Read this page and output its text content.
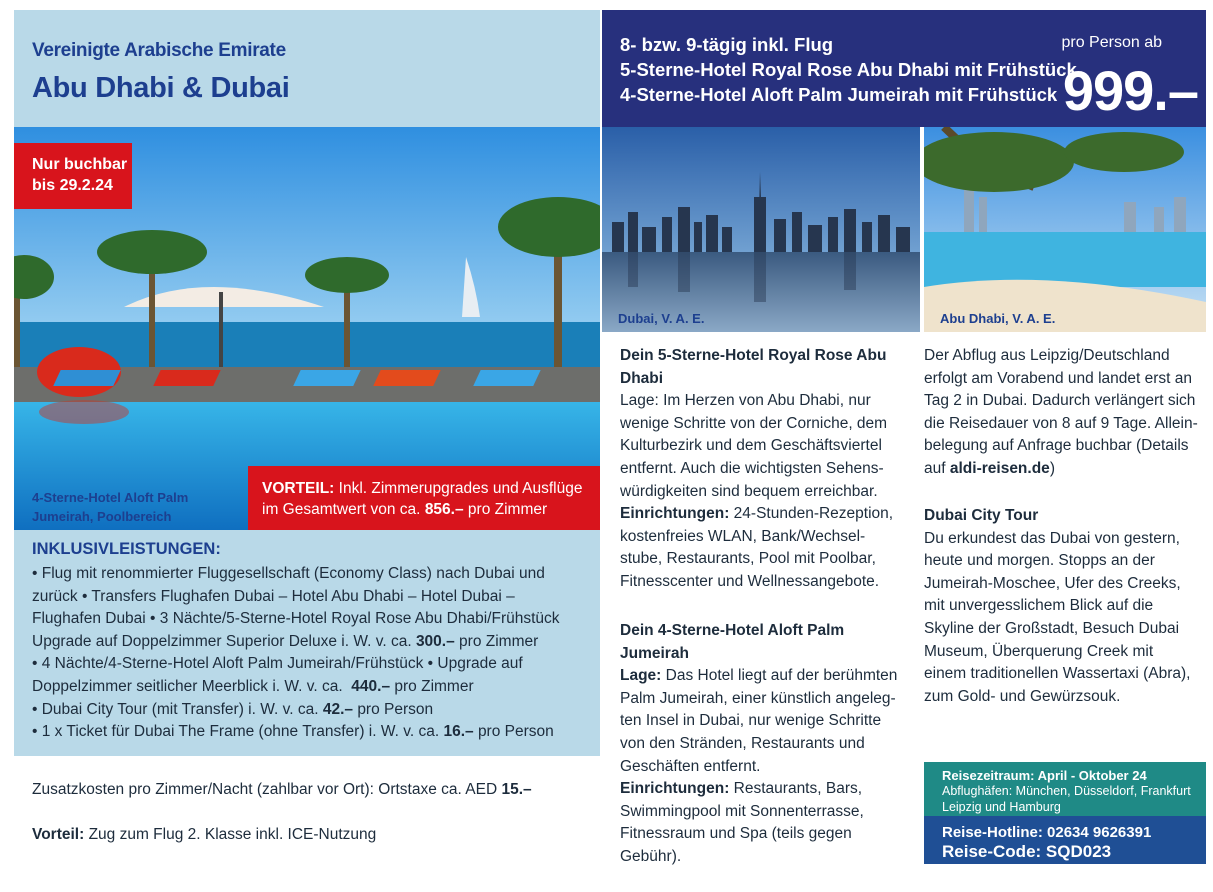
Vereinigte Arabische Emirate
Abu Dhabi & Dubai
8- bzw. 9-tägig inkl. Flug
5-Sterne-Hotel Royal Rose Abu Dhabi mit Frühstück
4-Sterne-Hotel Aloft Palm Jumeirah mit Frühstück
pro Person ab
999.–
Nur buchbar
bis 29.2.24
4-Sterne-Hotel Aloft Palm
Jumeirah, Poolbereich
VORTEIL: Inkl. Zimmerupgrades und Ausflüge
im Gesamtwert von ca. 856.– pro Zimmer
INKLUSIVLEISTUNGEN:
• Flug mit renommierter Fluggesellschaft (Economy Class) nach Dubai und
zurück • Transfers Flughafen Dubai – Hotel Abu Dhabi – Hotel Dubai –
Flughafen Dubai • 3 Nächte/5-Sterne-Hotel Royal Rose Abu Dhabi/Frühstück
Upgrade auf Doppelzimmer Superior Deluxe i. W. v. ca. 300.– pro Zimmer
• 4 Nächte/4-Sterne-Hotel Aloft Palm Jumeirah/Frühstück • Upgrade auf
Doppelzimmer seitlicher Meerblick i. W. v. ca. 440.– pro Zimmer
• Dubai City Tour (mit Transfer) i. W. v. ca. 42.– pro Person
• 1 x Ticket für Dubai The Frame (ohne Transfer) i. W. v. ca. 16.– pro Person
Zusatzkosten pro Zimmer/Nacht (zahlbar vor Ort): Ortstaxe ca. AED 15.–
Vorteil: Zug zum Flug 2. Klasse inkl. ICE-Nutzung
Dubai, V. A. E.	Abu Dhabi, V. A. E.
Dein 5-Sterne-Hotel Royal Rose Abu
Dhabi
Lage: Im Herzen von Abu Dhabi, nur
wenige Schritte von der Corniche, dem
Kulturbezirk und dem Geschäftsviertel
entfernt. Auch die wichtigsten Sehens-
würdigkeiten sind bequem erreichbar.
Einrichtungen: 24-Stunden-Rezeption,
kostenfreies WLAN, Bank/Wechsel-
stube, Restaurants, Pool mit Poolbar,
Fitnesscenter und Wellnessangebote.
Dein 4-Sterne-Hotel Aloft Palm
Jumeirah
Lage: Das Hotel liegt auf der berühmten
Palm Jumeirah, einer künstlich angeleg-
ten Insel in Dubai, nur wenige Schritte
von den Stränden, Restaurants und
Geschäften entfernt.
Einrichtungen: Restaurants, Bars,
Swimmingpool mit Sonnenterrasse,
Fitnessraum und Spa (teils gegen
Gebühr).
Der Abflug aus Leipzig/Deutschland
erfolgt am Vorabend und landet erst an
Tag 2 in Dubai. Dadurch verlängert sich
die Reisedauer von 8 auf 9 Tage. Allein-
belegung auf Anfrage buchbar (Details
auf aldi-reisen.de)
Dubai City Tour
Du erkundest das Dubai von gestern,
heute und morgen. Stopps an der
Jumeirah-Moschee, Ufer des Creeks,
mit unvergesslichem Blick auf die
Skyline der Großstadt, Besuch Dubai
Museum, Überquerung Creek mit
einem traditionellen Wassertaxi (Abra),
zum Gold- und Gewürzsouk.
Reisezeitraum: April - Oktober 24
Abflughäfen: München, Düsseldorf, Frankfurt Leipzig und Hamburg
Reise-Hotline: 02634 9626391
Reise-Code: SQD023
